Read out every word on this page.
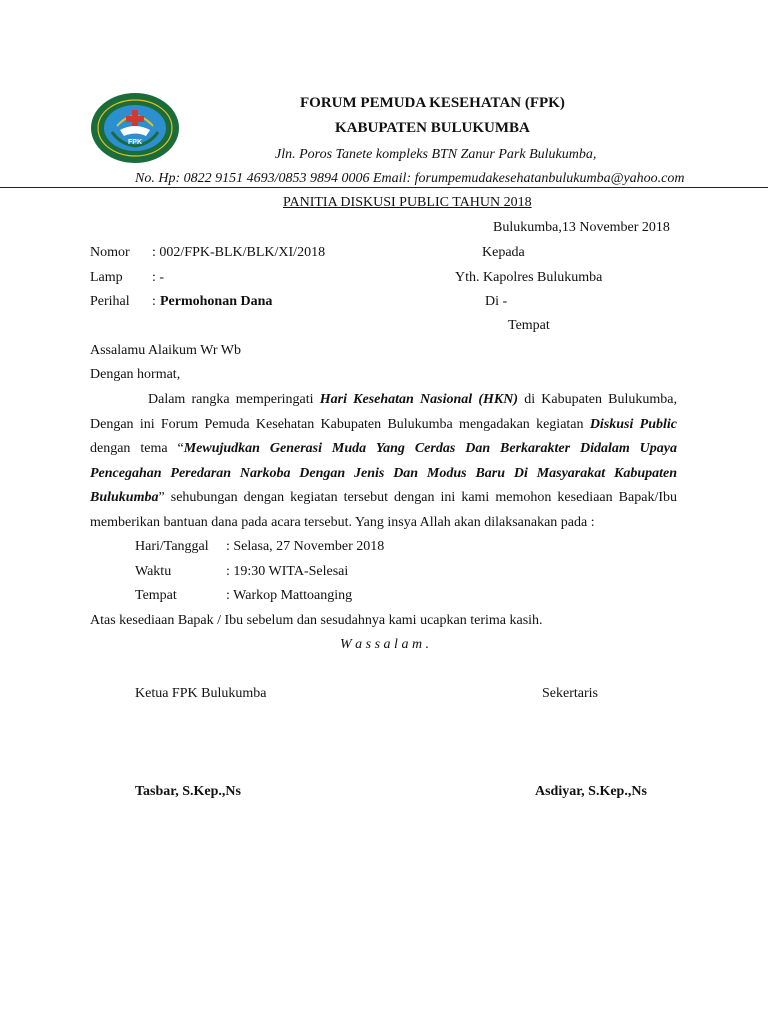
FPK
FORUM PEMUDA KESEHATAN (FPK)
KABUPATEN BULUKUMBA
Jln. Poros Tanete kompleks BTN Zanur Park Bulukumba,
No. Hp: 0822 9151 4693/0853 9894 0006 Email: forumpemudakesehatanbulukumba@yahoo.com
PANITIA DISKUSI PUBLIC TAHUN 2018
Bulukumba,13 November 2018
Nomor : 002/FPK-BLK/BLK/XI/2018
Lamp : -
Perihal : Permohonan Dana
Kepada
Yth. Kapolres Bulukumba
Di -
Tempat
Assalamu Alaikum Wr Wb
Dengan hormat,
Dalam rangka memperingati Hari Kesehatan Nasional (HKN) di Kabupaten Bulukumba, Dengan ini Forum Pemuda Kesehatan Kabupaten Bulukumba mengadakan kegiatan Diskusi Public dengan tema “Mewujudkan Generasi Muda Yang Cerdas Dan Berkarakter Didalam Upaya Pencegahan Peredaran Narkoba Dengan Jenis Dan Modus Baru Di Masyarakat Kabupaten Bulukumba” sehubungan dengan kegiatan tersebut dengan ini kami memohon kesediaan Bapak/Ibu memberikan bantuan dana pada acara tersebut. Yang insya Allah akan dilaksanakan pada :
Hari/Tanggal : Selasa, 27 November 2018
Waktu	: 19:30 WITA-Selesai
Tempat	: Warkop Mattoanging
Atas kesediaan Bapak / Ibu sebelum dan sesudahnya kami ucapkan terima kasih.
W a s s a l a m .
Ketua FPK Bulukumba	Sekertaris
Tasbar, S.Kep.,Ns	Asdiyar, S.Kep.,Ns
